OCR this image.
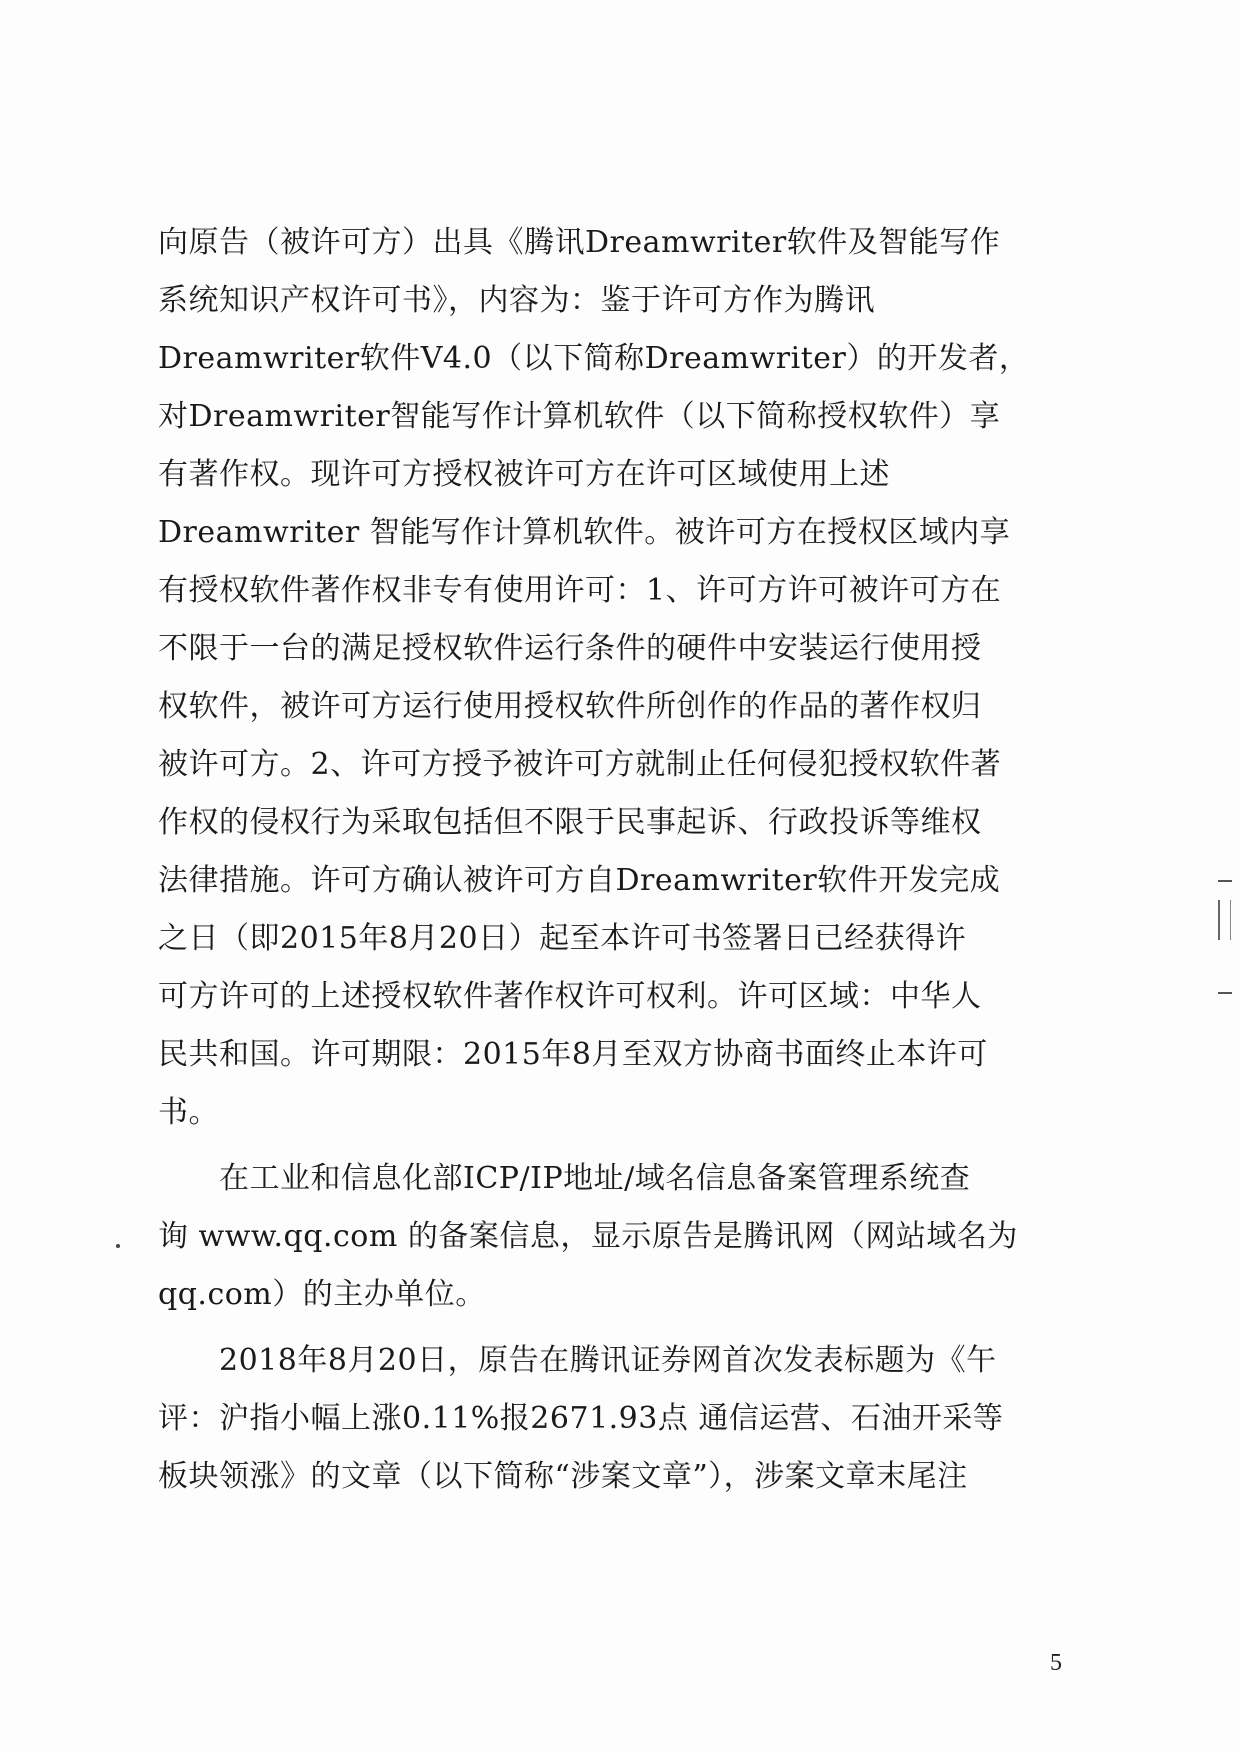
向原告（被许可方）出具《腾讯Dreamwriter软件及智能写作
系统知识产权许可书》，内容为：鉴于许可方作为腾讯
Dreamwriter软件V4.0（以下简称Dreamwriter）的开发者，
对Dreamwriter智能写作计算机软件（以下简称授权软件）享
有著作权。现许可方授权被许可方在许可区域使用上述
Dreamwriter 智能写作计算机软件。被许可方在授权区域内享
有授权软件著作权非专有使用许可：1、许可方许可被许可方在
不限于一台的满足授权软件运行条件的硬件中安装运行使用授
权软件，被许可方运行使用授权软件所创作的作品的著作权归
被许可方。2、许可方授予被许可方就制止任何侵犯授权软件著
作权的侵权行为采取包括但不限于民事起诉、行政投诉等维权
法律措施。许可方确认被许可方自Dreamwriter软件开发完成
之日（即2015年8月20日）起至本许可书签署日已经获得许
可方许可的上述授权软件著作权许可权利。许可区域：中华人
民共和国。许可期限：2015年8月至双方协商书面终止本许可
书。
　　在工业和信息化部ICP/IP地址/域名信息备案管理系统查
询 www.qq.com 的备案信息，显示原告是腾讯网（网站域名为
qq.com）的主办单位。
　　2018年8月20日，原告在腾讯证券网首次发表标题为《午
评：沪指小幅上涨0.11%报2671.93点 通信运营、石油开采等
板块领涨》的文章（以下简称“涉案文章”），涉案文章末尾注
5
